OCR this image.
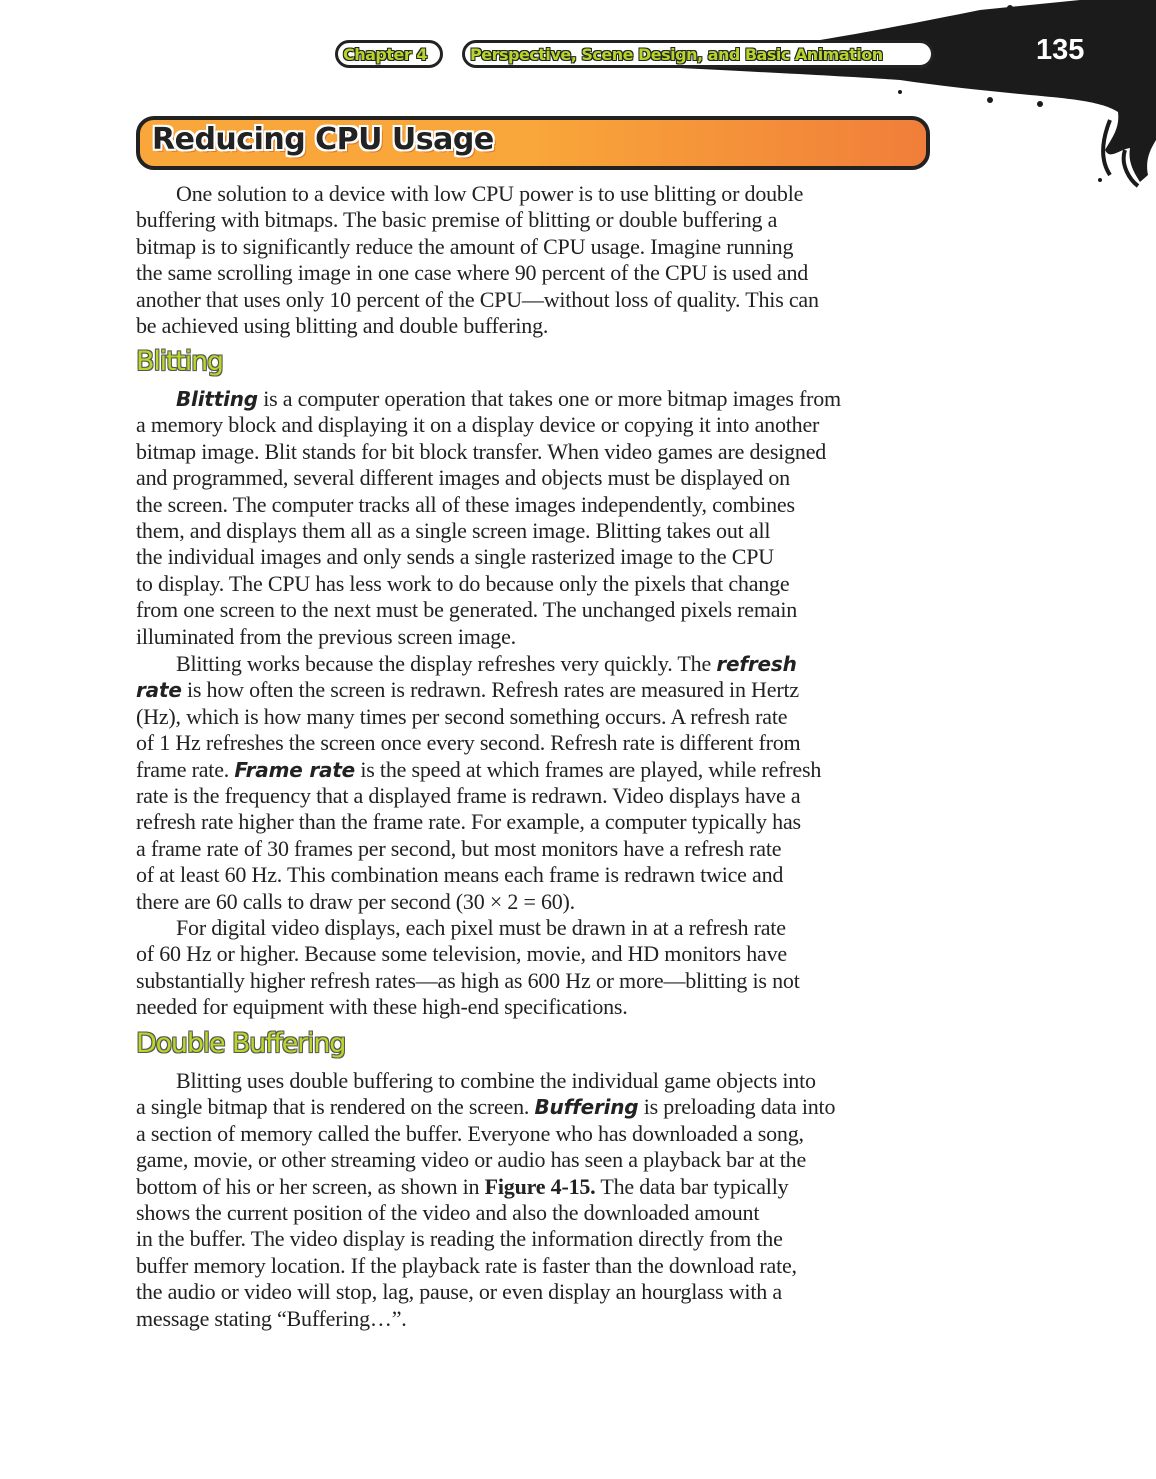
Chapter 4	Perspective, Scene Design, and Basic Animation	135
Reducing CPU Usage
One solution to a device with low CPU power is to use blitting or double
buffering with bitmaps. The basic premise of blitting or double buffering a
bitmap is to significantly reduce the amount of CPU usage. Imagine running
the same scrolling image in one case where 90 percent of the CPU is used and
another that uses only 10 percent of the CPU—without loss of quality. This can
be achieved using blitting and double buffering.
Blitting
Blitting is a computer operation that takes one or more bitmap images from
a memory block and displaying it on a display device or copying it into another
bitmap image. Blit stands for bit block transfer. When video games are designed
and programmed, several different images and objects must be displayed on
the screen. The computer tracks all of these images independently, combines
them, and displays them all as a single screen image. Blitting takes out all
the individual images and only sends a single rasterized image to the CPU
to display. The CPU has less work to do because only the pixels that change
from one screen to the next must be generated. The unchanged pixels remain
illuminated from the previous screen image.
Blitting works because the display refreshes very quickly. The refresh
rate is how often the screen is redrawn. Refresh rates are measured in Hertz
(Hz), which is how many times per second something occurs. A refresh rate
of 1 Hz refreshes the screen once every second. Refresh rate is different from
frame rate. Frame rate is the speed at which frames are played, while refresh
rate is the frequency that a displayed frame is redrawn. Video displays have a
refresh rate higher than the frame rate. For example, a computer typically has
a frame rate of 30 frames per second, but most monitors have a refresh rate
of at least 60 Hz. This combination means each frame is redrawn twice and
there are 60 calls to draw per second (30 × 2 = 60).
For digital video displays, each pixel must be drawn in at a refresh rate
of 60 Hz or higher. Because some television, movie, and HD monitors have
substantially higher refresh rates—as high as 600 Hz or more—blitting is not
needed for equipment with these high-end specifications.
Double Buffering
Blitting uses double buffering to combine the individual game objects into
a single bitmap that is rendered on the screen. Buffering is preloading data into
a section of memory called the buffer. Everyone who has downloaded a song,
game, movie, or other streaming video or audio has seen a playback bar at the
bottom of his or her screen, as shown in Figure 4-15. The data bar typically
shows the current position of the video and also the downloaded amount
in the buffer. The video display is reading the information directly from the
buffer memory location. If the playback rate is faster than the download rate,
the audio or video will stop, lag, pause, or even display an hourglass with a
message stating “Buffering…”.
